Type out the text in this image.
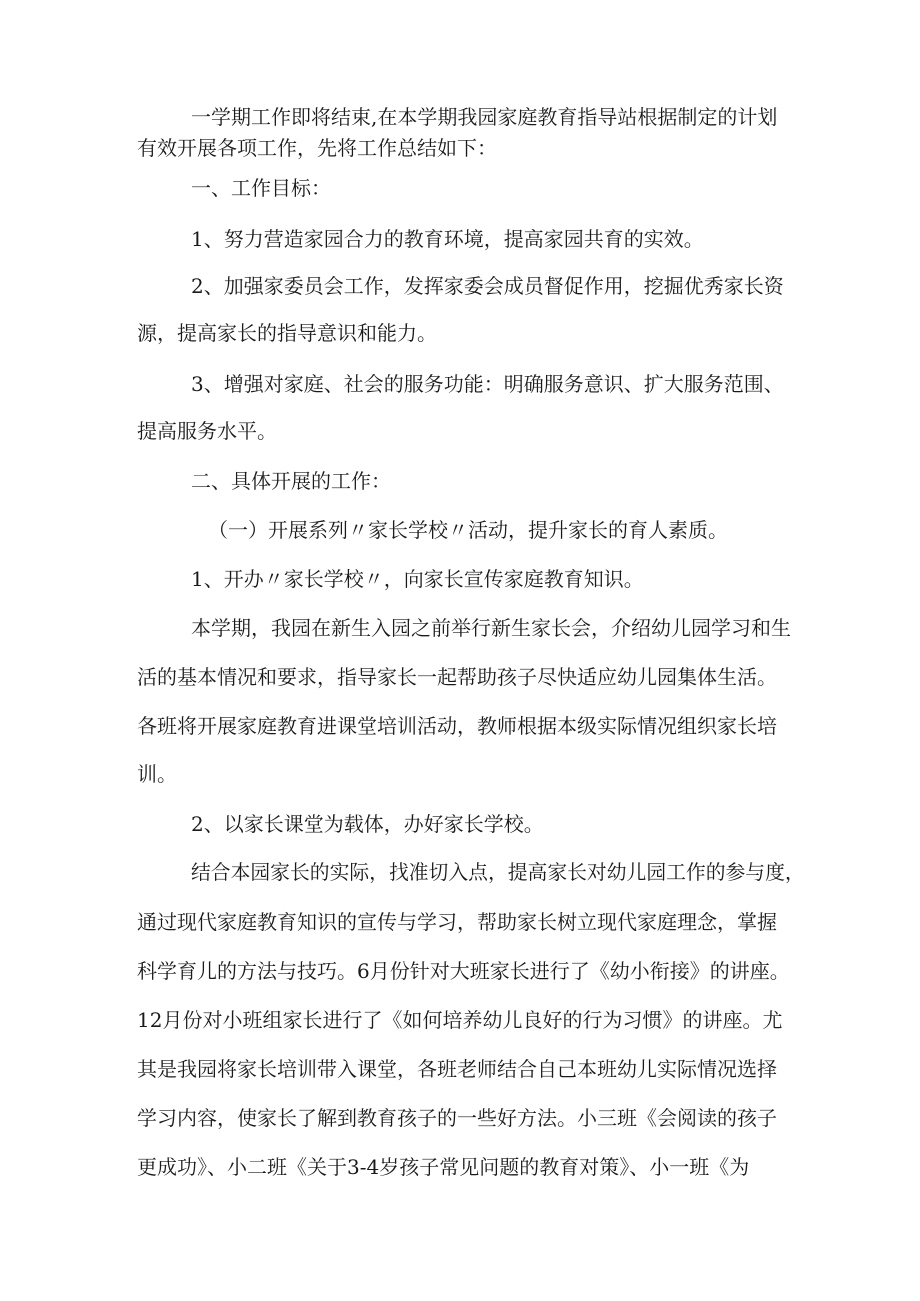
一学期工作即将结束,在本学期我园家庭教育指导站根据制定的计划

有效开展各项工作，先将工作总结如下：

一、工作目标：

1、努力营造家园合力的教育环境，提高家园共育的实效。

2、加强家委员会工作，发挥家委会成员督促作用，挖掘优秀家长资

源，提高家长的指导意识和能力。

3、增强对家庭、社会的服务功能：明确服务意识、扩大服务范围、

提高服务水平。

二、具体开展的工作：

（一）开展系列〃家长学校〃活动，提升家长的育人素质。

1、开办〃家长学校〃，向家长宣传家庭教育知识。

本学期，我园在新生入园之前举行新生家长会，介绍幼儿园学习和生

活的基本情况和要求，指导家长一起帮助孩子尽快适应幼儿园集体生活。

各班将开展家庭教育进课堂培训活动，教师根据本级实际情况组织家长培

训。

2、以家长课堂为载体，办好家长学校。

结合本园家长的实际，找准切入点，提高家长对幼儿园工作的参与度，

通过现代家庭教育知识的宣传与学习，帮助家长树立现代家庭理念，掌握

科学育儿的方法与技巧。6月份针对大班家长进行了《幼小衔接》的讲座。

12月份对小班组家长进行了《如何培养幼儿良好的行为习惯》的讲座。尤

其是我园将家长培训带入课堂，各班老师结合自己本班幼儿实际情况选择

学习内容，使家长了解到教育孩子的一些好方法。小三班《会阅读的孩子

更成功》、小二班《关于3-4岁孩子常见问题的教育对策》、小一班《为
